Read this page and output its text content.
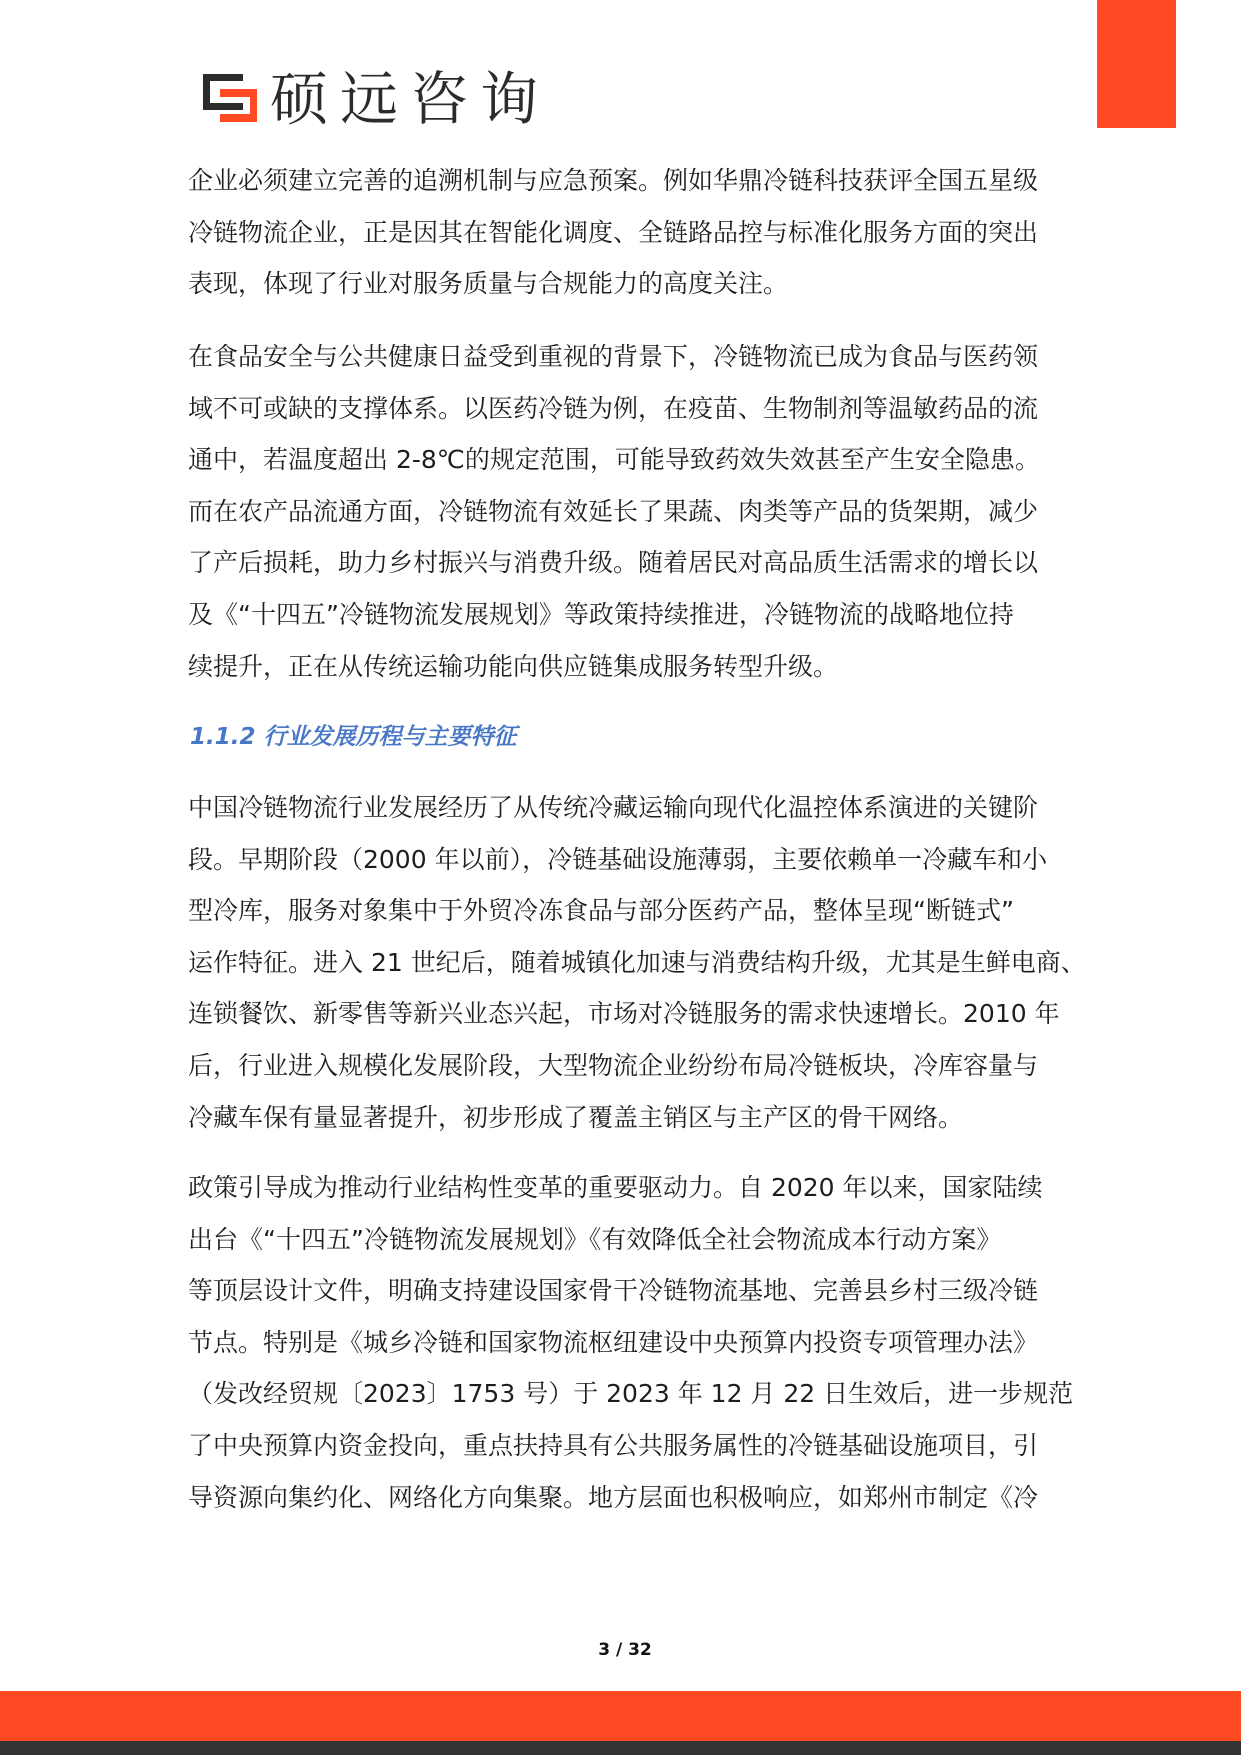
硕远咨询
企业必须建立完善的追溯机制与应急预案。例如华鼎冷链科技获评全国五星级
冷链物流企业，正是因其在智能化调度、全链路品控与标准化服务方面的突出
表现，体现了行业对服务质量与合规能力的高度关注。
在食品安全与公共健康日益受到重视的背景下，冷链物流已成为食品与医药领
域不可或缺的支撑体系。以医药冷链为例，在疫苗、生物制剂等温敏药品的流
通中，若温度超出 2-8℃的规定范围，可能导致药效失效甚至产生安全隐患。
而在农产品流通方面，冷链物流有效延长了果蔬、肉类等产品的货架期，减少
了产后损耗，助力乡村振兴与消费升级。随着居民对高品质生活需求的增长以
及《“十四五”冷链物流发展规划》等政策持续推进，冷链物流的战略地位持
续提升，正在从传统运输功能向供应链集成服务转型升级。
1.1.2 行业发展历程与主要特征
中国冷链物流行业发展经历了从传统冷藏运输向现代化温控体系演进的关键阶
段。早期阶段（2000 年以前），冷链基础设施薄弱，主要依赖单一冷藏车和小
型冷库，服务对象集中于外贸冷冻食品与部分医药产品，整体呈现“断链式”
运作特征。进入 21 世纪后，随着城镇化加速与消费结构升级，尤其是生鲜电商、
连锁餐饮、新零售等新兴业态兴起，市场对冷链服务的需求快速增长。2010 年
后，行业进入规模化发展阶段，大型物流企业纷纷布局冷链板块，冷库容量与
冷藏车保有量显著提升，初步形成了覆盖主销区与主产区的骨干网络。
政策引导成为推动行业结构性变革的重要驱动力。自 2020 年以来，国家陆续
出台《“十四五”冷链物流发展规划》《有效降低全社会物流成本行动方案》
等顶层设计文件，明确支持建设国家骨干冷链物流基地、完善县乡村三级冷链
节点。特别是《城乡冷链和国家物流枢纽建设中央预算内投资专项管理办法》
（发改经贸规〔2023〕1753 号）于 2023 年 12 月 22 日生效后，进一步规范
了中央预算内资金投向，重点扶持具有公共服务属性的冷链基础设施项目，引
导资源向集约化、网络化方向集聚。地方层面也积极响应，如郑州市制定《冷
3 / 32
